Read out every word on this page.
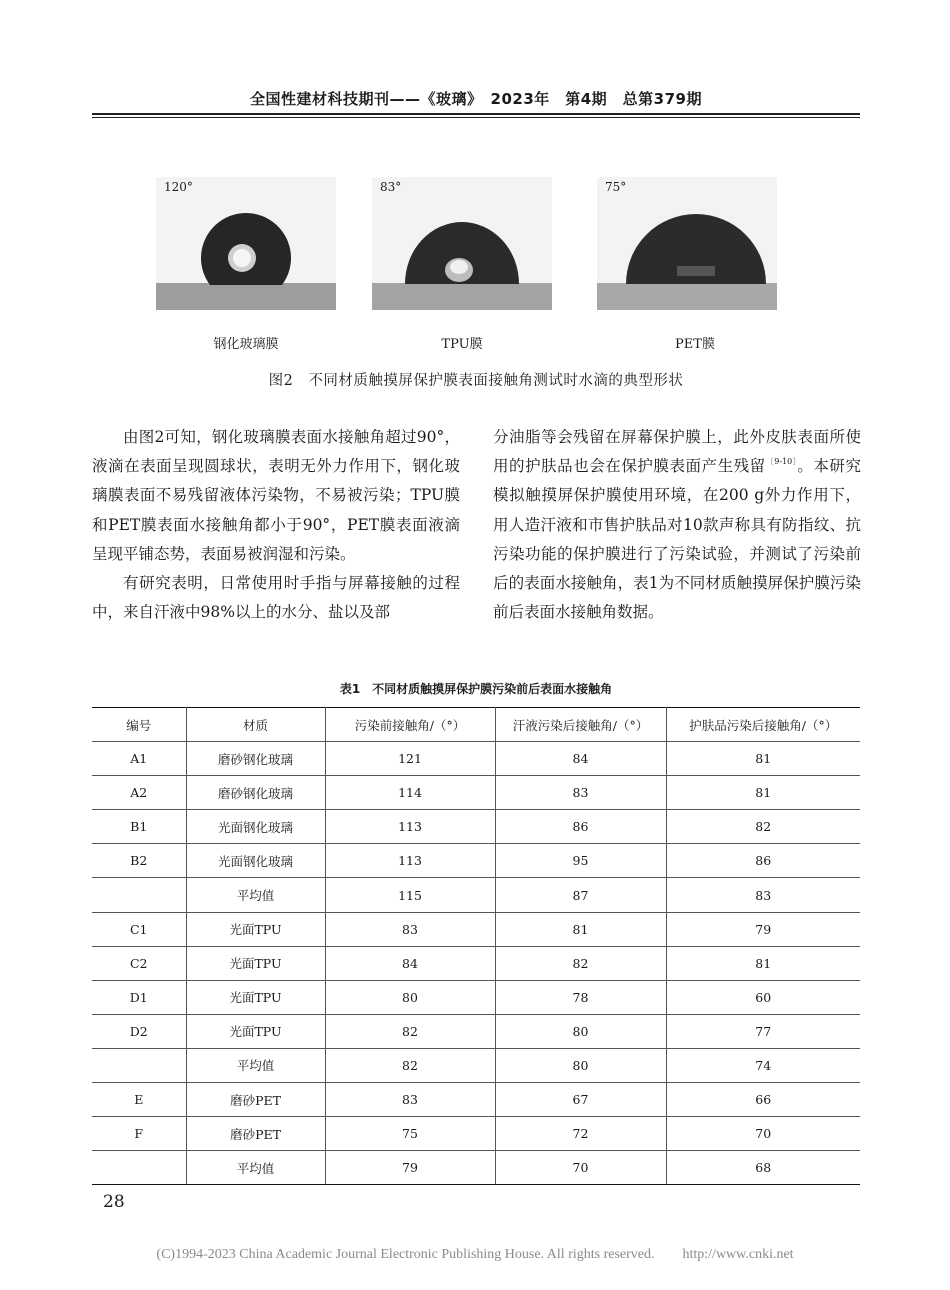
全国性建材科技期刊——《玻璃》　2023年　第4期　总第379期
120°
钢化玻璃膜
83°
TPU膜
75°
PET膜
图2　不同材质触摸屏保护膜表面接触角测试时水滴的典型形状

由图2可知，钢化玻璃膜表面水接触角超过90°，液滴在表面呈现圆球状，表明无外力作用下，钢化玻璃膜表面不易残留液体污染物，不易被污染；TPU膜和PET膜表面水接触角都小于90°，PET膜表面液滴呈现平铺态势，表面易被润湿和污染。

有研究表明，日常使用时手指与屏幕接触的过程中，来自汗液中98%以上的水分、盐以及部

分油脂等会残留在屏幕保护膜上，此外皮肤表面所使用的护肤品也会在保护膜表面产生残留$^{〔9-10〕}$。本研究模拟触摸屏保护膜使用环境，在200 g外力作用下，用人造汗液和市售护肤品对10款声称具有防指纹、抗污染功能的保护膜进行了污染试验，并测试了污染前后的表面水接触角，表1为不同材质触摸屏保护膜污染前后表面水接触角数据。

表1　不同材质触摸屏保护膜污染前后表面水接触角
编号	材质	污染前接触角/（°）	汗液污染后接触角/（°）	护肤品污染后接触角/（°）
A1	磨砂钢化玻璃	121	84	81
A2	磨砂钢化玻璃	114	83	81
B1	光面钢化玻璃	113	86	82
B2	光面钢化玻璃	113	95	86
	平均值	115	87	83
C1	光面TPU	83	81	79
C2	光面TPU	84	82	81
D1	光面TPU	80	78	60
D2	光面TPU	82	80	77
	平均值	82	80	74
E	磨砂PET	83	67	66
F	磨砂PET	75	72	70
	平均值	79	70	68
28
(C)1994-2023 China Academic Journal Electronic Publishing House. All rights reserved.　　http://www.cnki.net
